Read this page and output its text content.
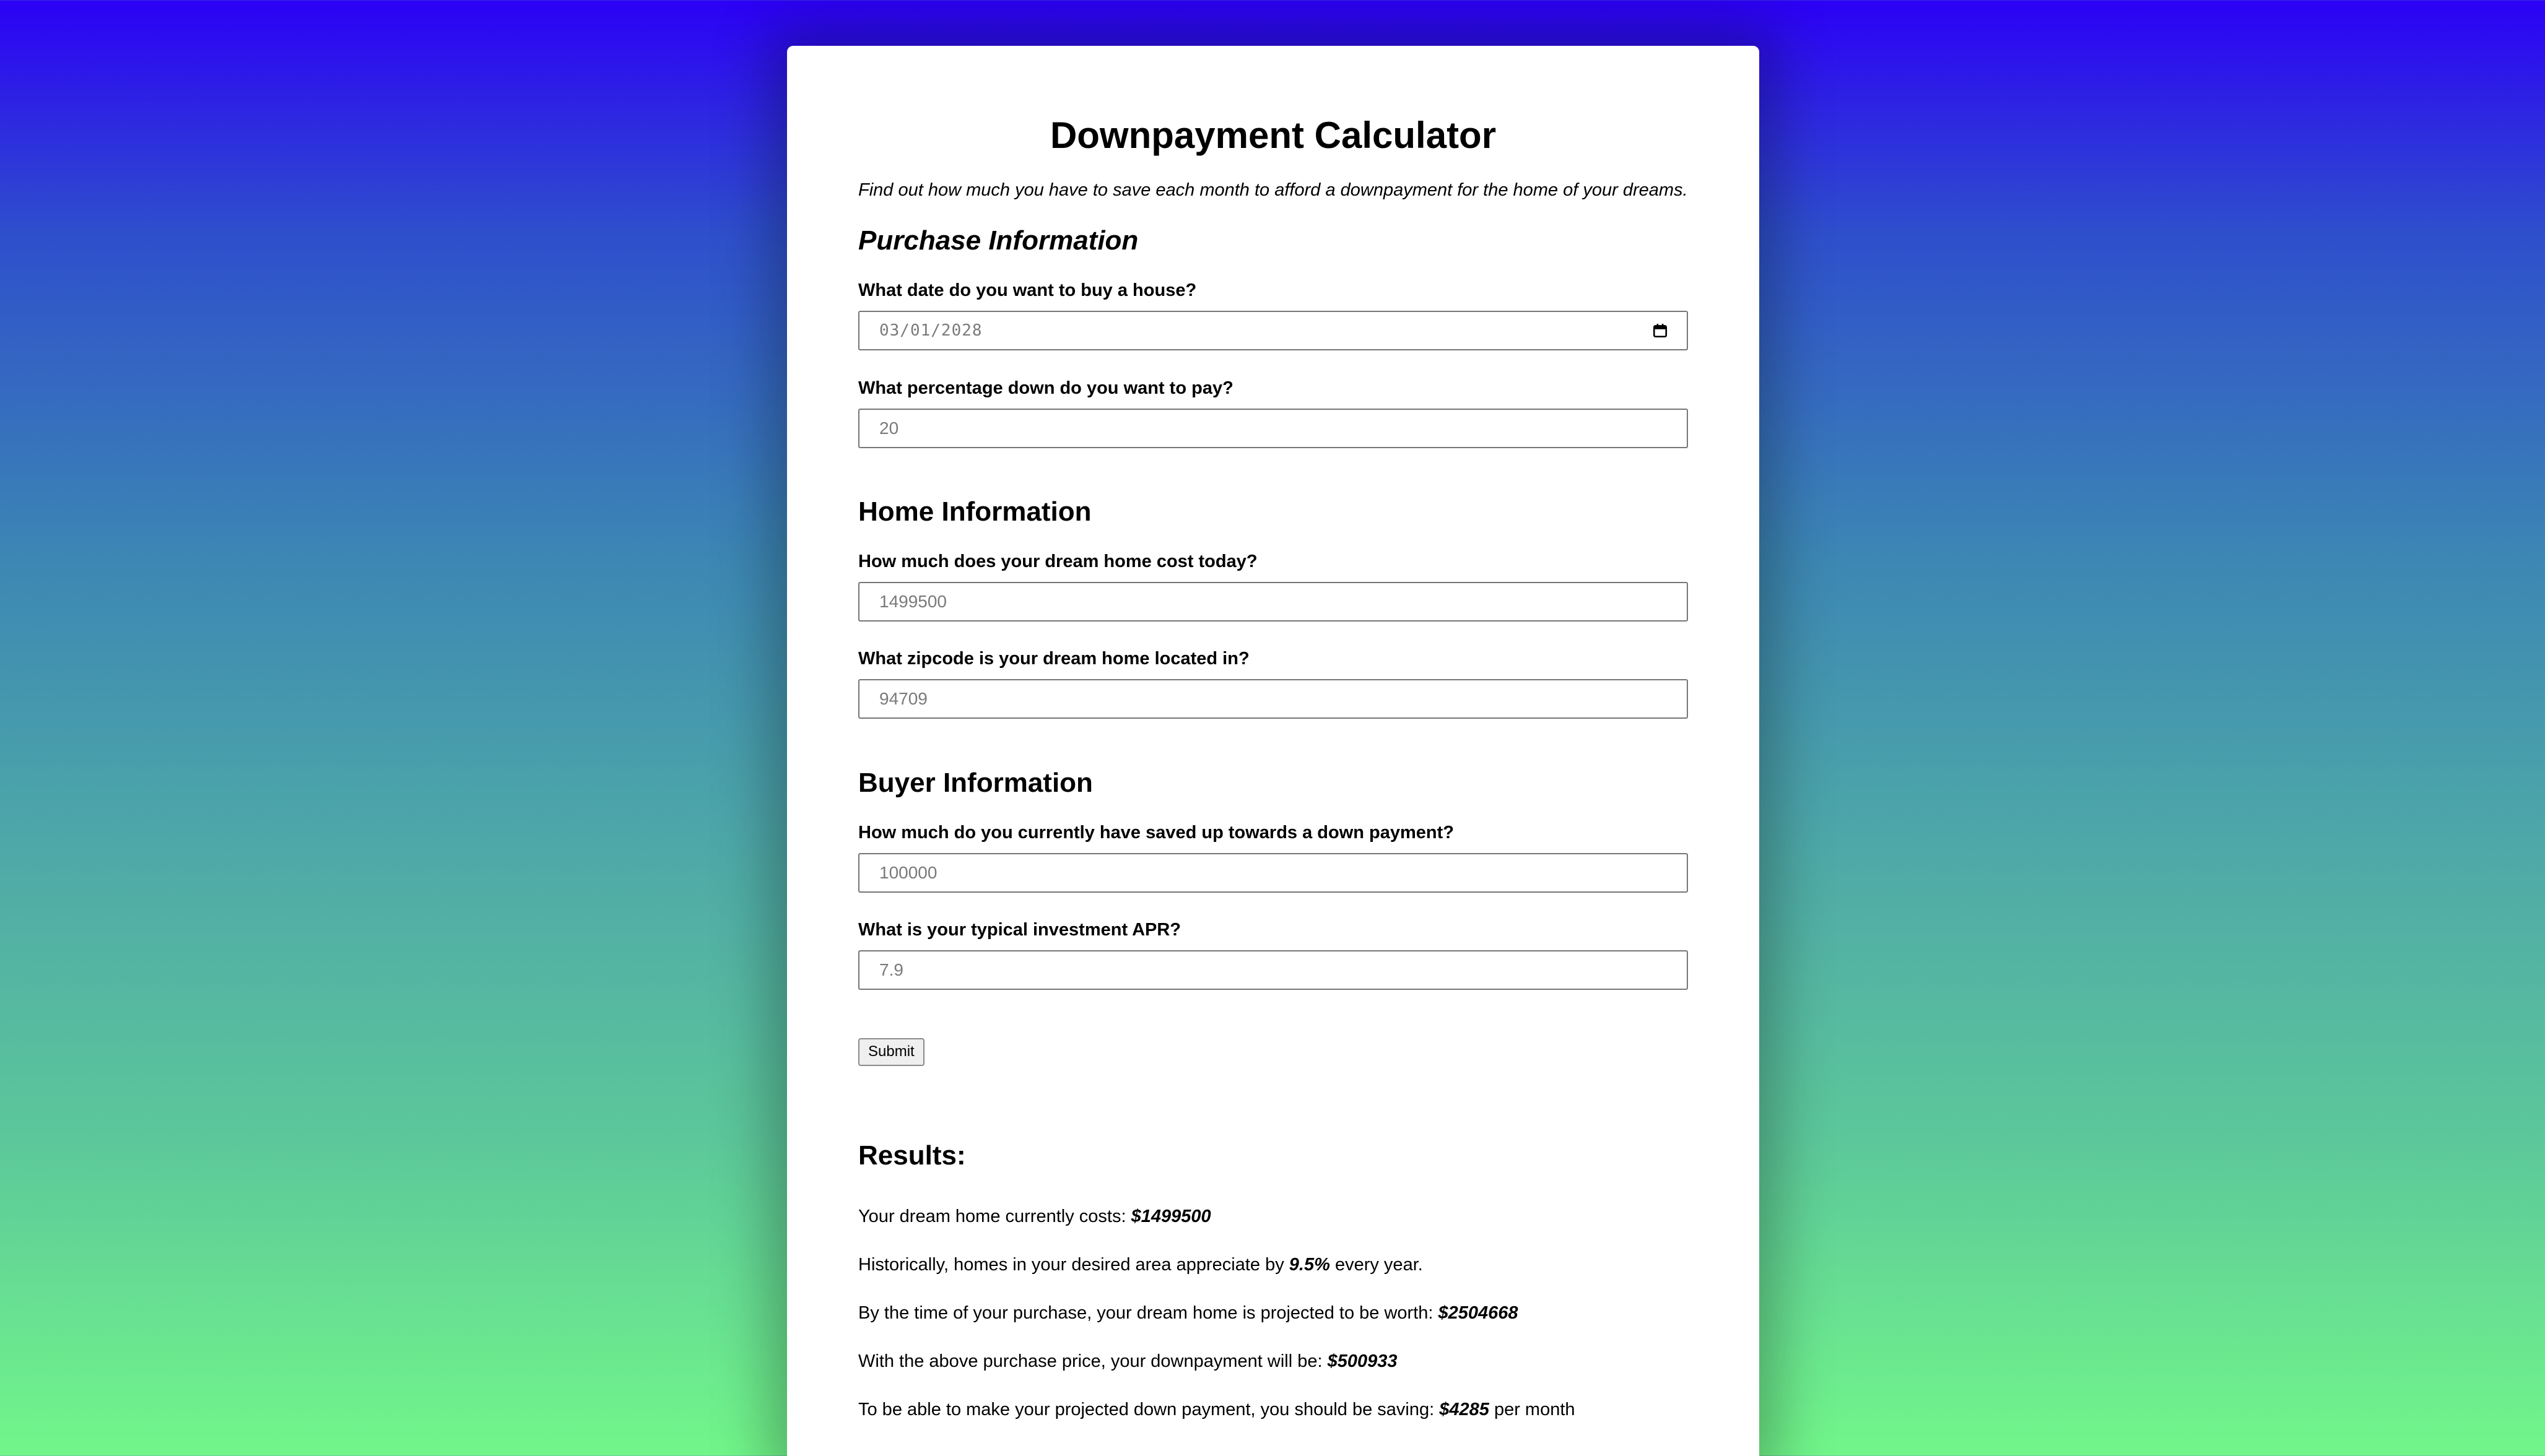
Downpayment Calculator

Find out how much you have to save each month to afford a downpayment for the home of your dreams.

Purchase Information
What date do you want to buy a house?
03/01/2028
What percentage down do you want to pay?
20
Home Information
How much does your dream home cost today?
1499500
What zipcode is your dream home located in?
94709
Buyer Information
How much do you currently have saved up towards a down payment?
100000
What is your typical investment APR?
7.9
Submit
Results:

Your dream home currently costs: $1499500

Historically, homes in your desired area appreciate by 9.5% every year.

By the time of your purchase, your dream home is projected to be worth: $2504668

With the above purchase price, your downpayment will be: $500933

To be able to make your projected down payment, you should be saving: $4285 per month
